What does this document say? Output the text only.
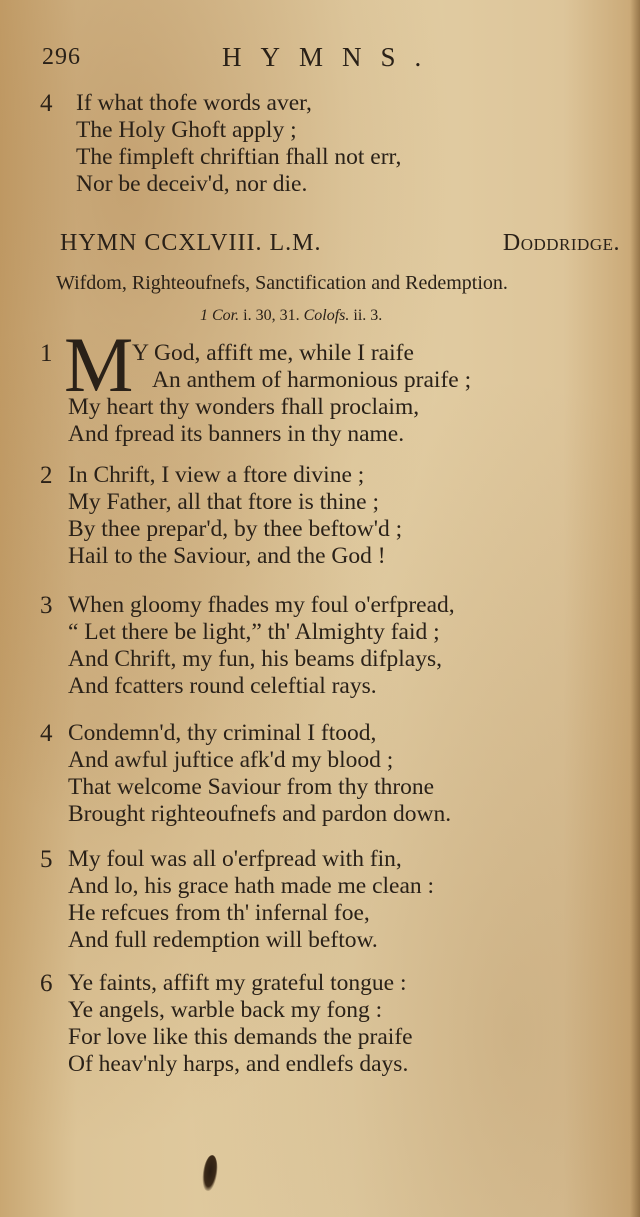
296	HYMNS.
4 If what thofe words aver,
The Holy Ghoft apply ;
The fimpleft chriftian fhall not err,
Nor be deceiv'd, nor die.
HYMN CCXLVIII. L.M.	Doddridge.
Wifdom, Righteoufnefs, Sanctification and Redemption.
1 Cor. i. 30, 31. Colofs. ii. 3.
1 M
Y God, affift me, while I raife
An anthem of harmonious praife ;
My heart thy wonders fhall proclaim,
And fpread its banners in thy name.
2 In Chrift, I view a ftore divine ;
My Father, all that ftore is thine ;
By thee prepar'd, by thee beftow'd ;
Hail to the Saviour, and the God !
3 When gloomy fhades my foul o'erfpread,
“ Let there be light,” th' Almighty faid ;
And Chrift, my fun, his beams difplays,
And fcatters round celeftial rays.
4 Condemn'd, thy criminal I ftood,
And awful juftice afk'd my blood ;
That welcome Saviour from thy throne
Brought righteoufnefs and pardon down.
5 My foul was all o'erfpread with fin,
And lo, his grace hath made me clean :
He refcues from th' infernal foe,
And full redemption will beftow.
6 Ye faints, affift my grateful tongue :
Ye angels, warble back my fong :
For love like this demands the praife
Of heav'nly harps, and endlefs days.
